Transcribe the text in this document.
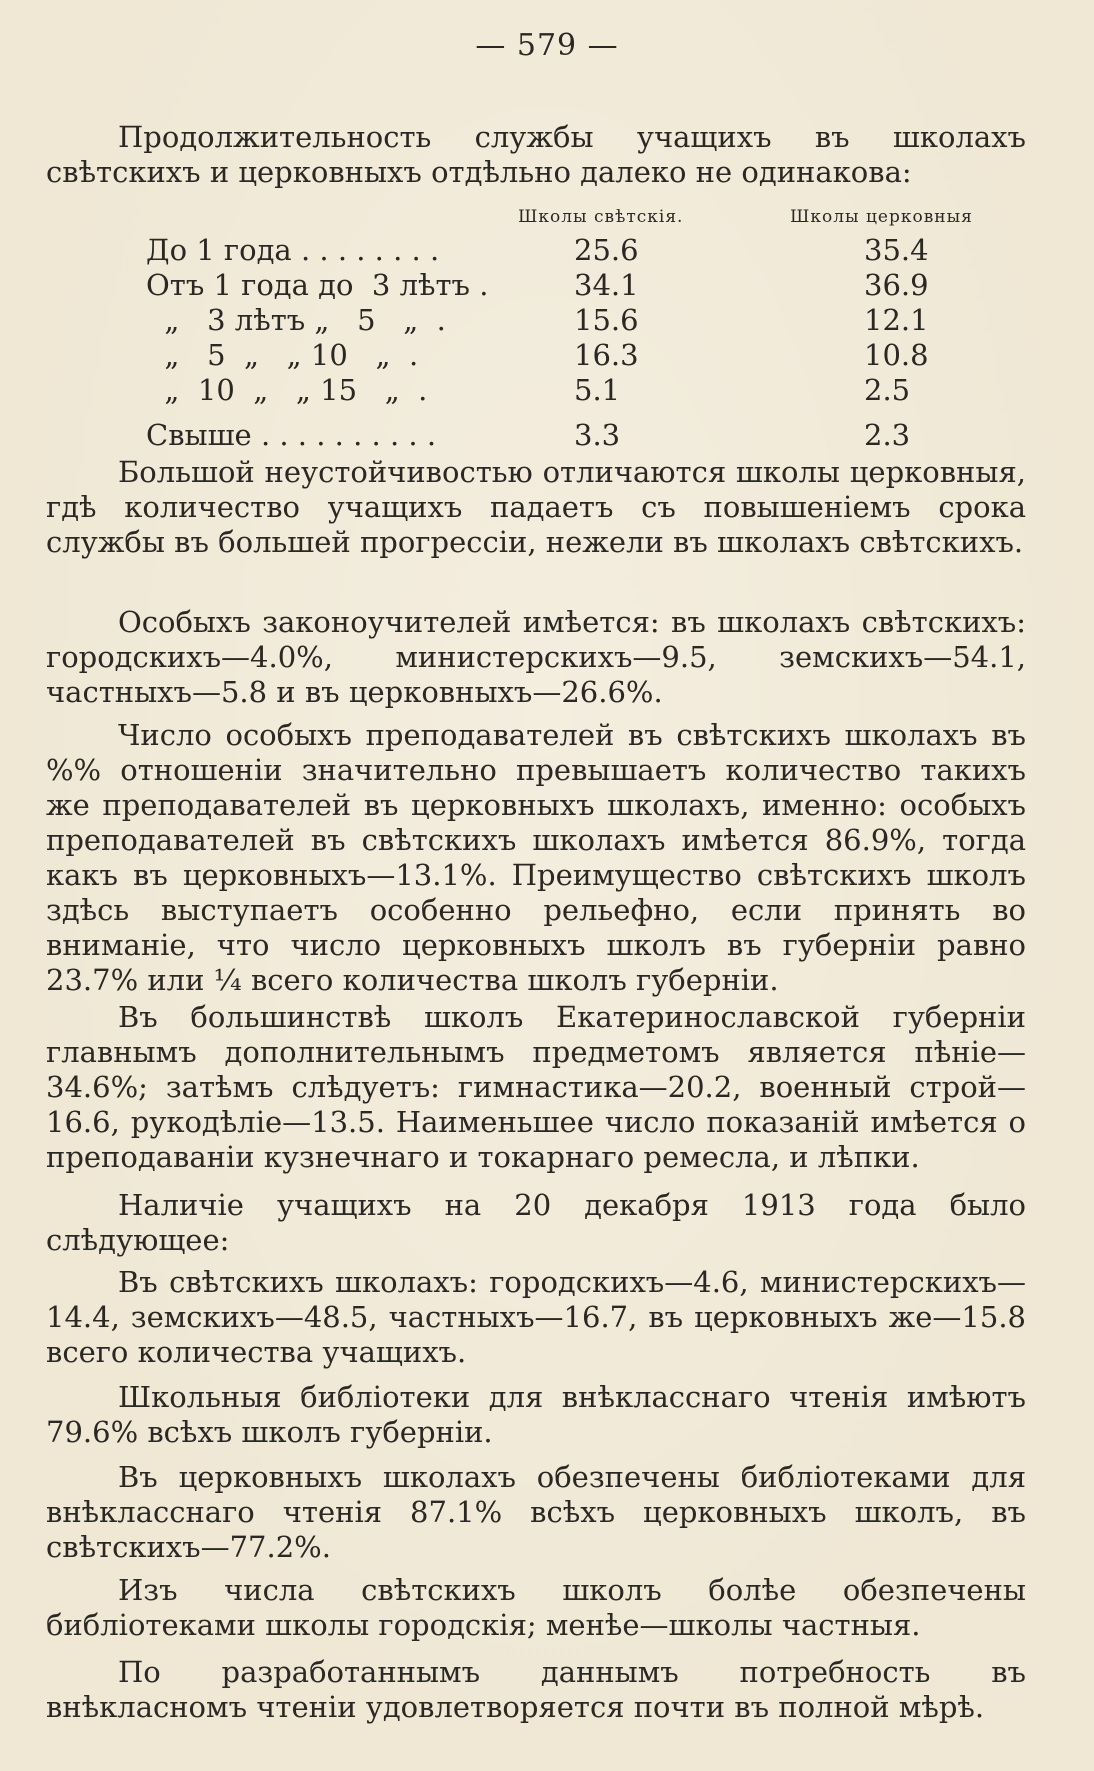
— 579 —

Продолжительность службы учащихъ въ школахъ свѣтскихъ и церковныхъ отдѣльно далеко не одинакова:

Школы свѣтскія.	Школы церковныя
До 1 года . . . . . . . .	25.6	35.4
Отъ 1 года до  3 лѣтъ .	34.1	36.9
„   3 лѣтъ „   5   „  .	15.6	12.1
„   5  „   „ 10   „  .	16.3	10.8
„  10  „   „ 15   „  .	5.1	2.5
Свыше . . . . . . . . . .	3.3	2.3

Большой неустойчивостью отличаются школы церковныя, гдѣ количество учащихъ падаетъ съ повышеніемъ срока службы въ большей прогрессіи, нежели въ школахъ свѣтскихъ.

Особыхъ законоучителей имѣется: въ школахъ свѣтскихъ: городскихъ—4.0%, министерскихъ—9.5, земскихъ—54.1, частныхъ—5.8 и въ церковныхъ—26.6%.

Число особыхъ преподавателей въ свѣтскихъ школахъ въ %% отношеніи значительно превышаетъ количество такихъ же преподавателей въ церковныхъ школахъ, именно: особыхъ преподавателей въ свѣтскихъ школахъ имѣется 86.9%, тогда какъ въ церковныхъ—13.1%. Преимущество свѣтскихъ школъ здѣсь выступаетъ особенно рельефно, если принять во вниманіе, что число церковныхъ школъ въ губерніи равно 23.7% или ¼ всего количества школъ губерніи.

Въ большинствѣ школъ Екатеринославской губерніи главнымъ дополнительнымъ предметомъ является пѣніе—34.6%; затѣмъ слѣдуетъ: гимнастика—20.2, военный строй—16.6, рукодѣліе—13.5. Наименьшее число показаній имѣется о преподаваніи кузнечнаго и токарнаго ремесла, и лѣпки.

Наличіе учащихъ на 20 декабря 1913 года было слѣдующее:

Въ свѣтскихъ школахъ: городскихъ—4.6, министерскихъ—14.4, земскихъ—48.5, частныхъ—16.7, въ церковныхъ же—15.8 всего количества учащихъ.

Школьныя библіотеки для внѣкласснаго чтенія имѣютъ 79.6% всѣхъ школъ губерніи.

Въ церковныхъ школахъ обезпечены библіотеками для внѣкласснаго чтенія 87.1% всѣхъ церковныхъ школъ, въ свѣтскихъ—77.2%.

Изъ числа свѣтскихъ школъ болѣе обезпечены библіотеками школы городскія; менѣе—школы частныя.

По разработаннымъ даннымъ потребность въ внѣкласномъ чтеніи удовлетворяется почти въ полной мѣрѣ.
